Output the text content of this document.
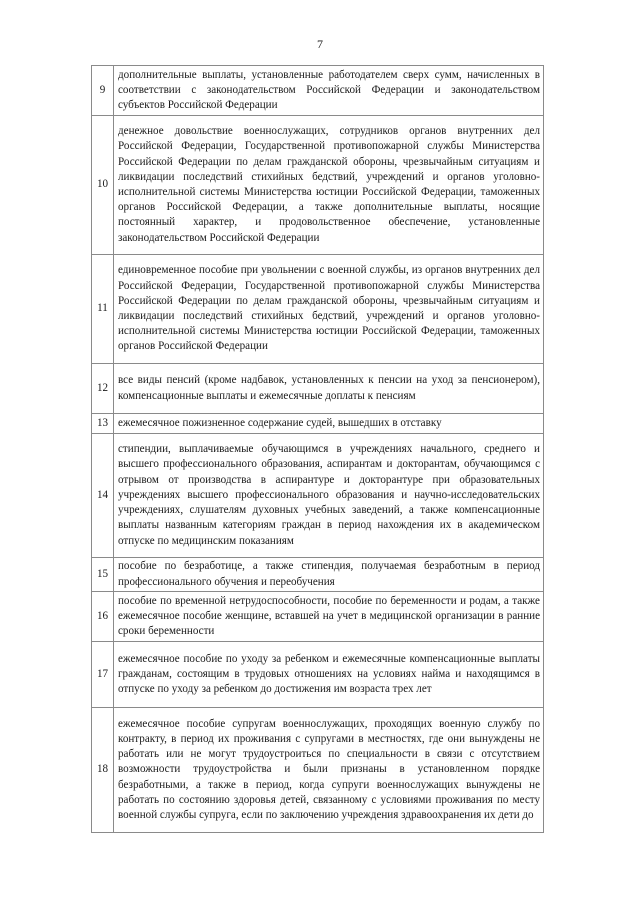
7
9	дополнительные выплаты, установленные работодателем сверх сумм, начисленных в соответствии с законодательством Российской Федерации и законодательством субъектов Российской Федерации
10	денежное довольствие военнослужащих, сотрудников органов внутренних дел Российской Федерации, Государственной противопожарной службы Министерства Российской Федерации по делам гражданской обороны, чрезвычайным ситуациям и ликвидации последствий стихийных бедствий, учреждений и органов уголовно-исполнительной системы Министерства юстиции Российской Федерации, таможенных органов Российской Федерации, а также дополнительные выплаты, носящие постоянный характер, и продовольственное обеспечение, установленные законодательством Российской Федерации
11	единовременное пособие при увольнении с военной службы, из органов внутренних дел Российской Федерации, Государственной противопожарной службы Министерства Российской Федерации по делам гражданской обороны, чрезвычайным ситуациям и ликвидации последствий стихийных бедствий, учреждений и органов уголовно-исполнительной системы Министерства юстиции Российской Федерации, таможенных органов Российской Федерации
12	все виды пенсий (кроме надбавок, установленных к пенсии на уход за пенсионером), компенсационные выплаты и ежемесячные доплаты к пенсиям
13	ежемесячное пожизненное содержание судей, вышедших в отставку
14	стипендии, выплачиваемые обучающимся в учреждениях начального, среднего и высшего профессионального образования, аспирантам и докторантам, обучающимся с отрывом от производства в аспирантуре и докторантуре при образовательных учреждениях высшего профессионального образования и научно-исследовательских учреждениях, слушателям духовных учебных заведений, а также компенсационные выплаты названным категориям граждан в период нахождения их в академическом отпуске по медицинским показаниям
15	пособие по безработице, а также стипендия, получаемая безработным в период профессионального обучения и переобучения
16	пособие по временной нетрудоспособности, пособие по беременности и родам, а также ежемесячное пособие женщине, вставшей на учет в медицинской организации в ранние сроки беременности
17	ежемесячное пособие по уходу за ребенком и ежемесячные компенсационные выплаты гражданам, состоящим в трудовых отношениях на условиях найма и находящимся в отпуске по уходу за ребенком до достижения им возраста трех лет
18	ежемесячное пособие супругам военнослужащих, проходящих военную службу по контракту, в период их проживания с супругами в местностях, где они вынуждены не работать или не могут трудоустроиться по специальности в связи с отсутствием возможности трудоустройства и были признаны в установленном порядке безработными, а также в период, когда супруги военнослужащих вынуждены не работать по состоянию здоровья детей, связанному с условиями проживания по месту военной службы супруга, если по заключению учреждения здравоохранения их дети до
